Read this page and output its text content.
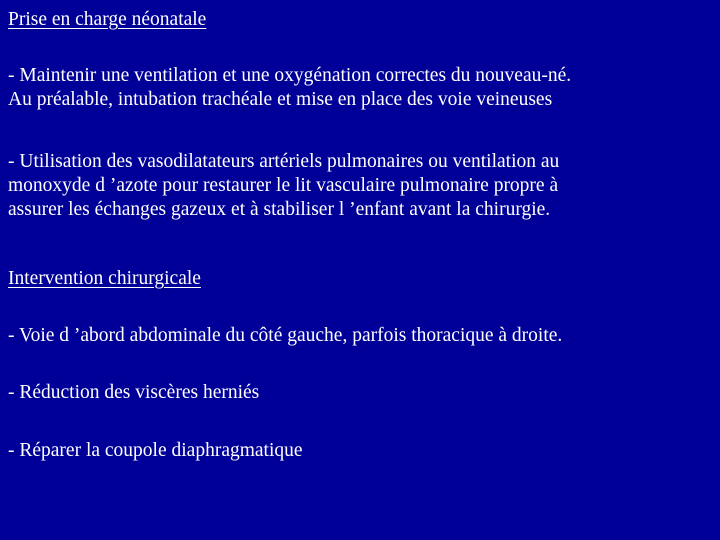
Prise en charge néonatale
- Maintenir une ventilation et une oxygénation correctes du nouveau-né.
Au préalable, intubation trachéale et mise en place des voie veineuses
- Utilisation des vasodilatateurs artériels pulmonaires ou ventilation au
monoxyde d ’azote pour restaurer le lit vasculaire pulmonaire propre à
assurer les échanges gazeux et à stabiliser l ’enfant avant la chirurgie.
Intervention chirurgicale
- Voie d ’abord abdominale du côté gauche, parfois thoracique à droite.
- Réduction des viscères herniés
- Réparer la coupole diaphragmatique
